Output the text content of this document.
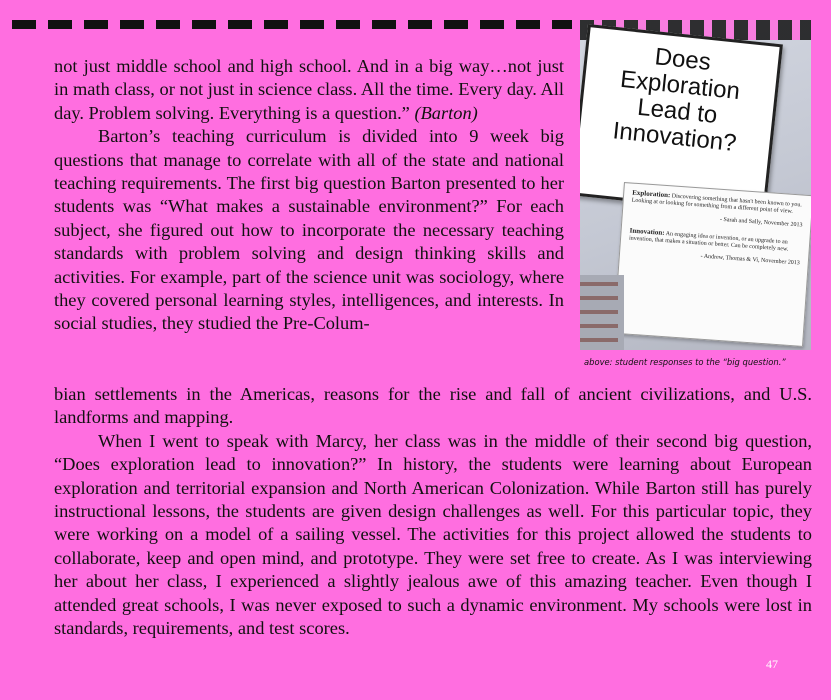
not just middle school and high school. And in a big way…not just in math class, or not just in science class. All the time. Every day. All day. Problem solving. Everything is a question.” (Barton)

Barton’s teaching curriculum is divided into 9 week big questions that manage to correlate with all of the state and national teaching requirements. The first big question Barton presented to her students was “What makes a sustainable environment?” For each subject, she figured out how to incorporate the necessary teaching standards with problem solving and design thinking skills and activities. For example, part of the science unit was sociology, where they covered personal learning styles, intelligences, and interests. In social studies, they studied the Pre-Colum-

bian settlements in the Americas, reasons for the rise and fall of ancient civilizations, and U.S. landforms and mapping.

When I went to speak with Marcy, her class was in the middle of their second big question, “Does exploration lead to innovation?” In history, the students were learning about European exploration and territorial expansion and North American Colonization. While Barton still has purely instructional lessons, the students are given design challenges as well. For this particular topic, they were working on a model of a sailing vessel. The activities for this project allowed the students to collaborate, keep and open mind, and prototype. They were set free to create. As I was interviewing her about her class, I experienced a slightly jealous awe of this amazing teacher. Even though I attended great schools, I was never exposed to such a dynamic environment. My schools were lost in standards, requirements, and test scores.

Does Exploration Lead to Innovation?

Exploration: Discovering something that hasn't been known to you. Looking at or looking for something from a different point of view.

- Sarah and Sally, November 2013

Innovation: An engaging idea or invention, or an upgrade to an invention, that makes a situation or better. Can be completely new.

- Andrew, Thomas & Vi, November 2013

above: student responses to the “big question.”
47
